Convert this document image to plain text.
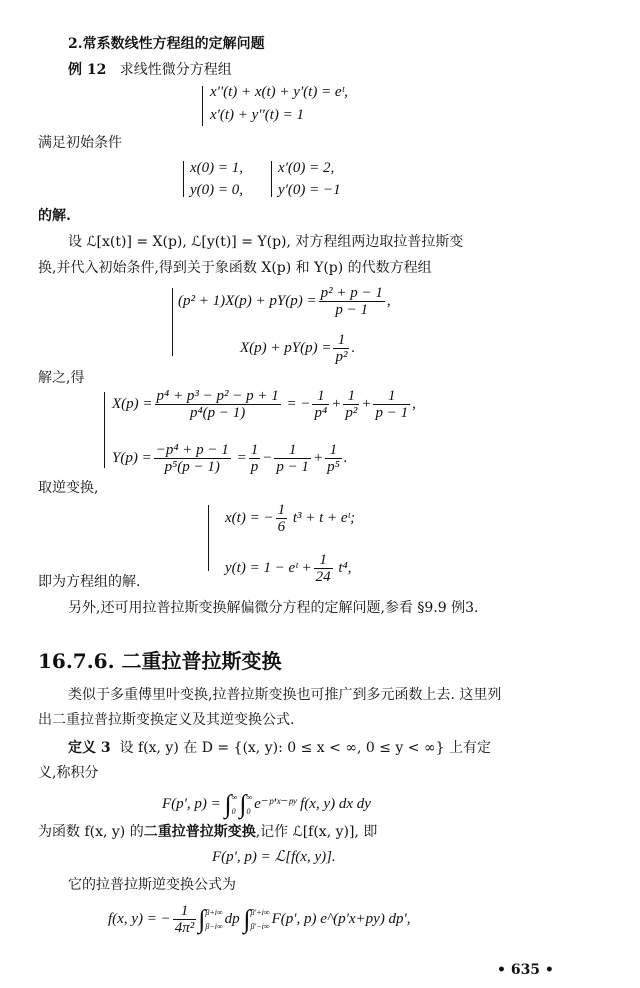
2.常系数线性方程组的定解问题
例 12 求线性微分方程组
x''(t) + x(t) + y'(t) = eᵗ,
x'(t) + y''(t) = 1
满足初始条件
x(0) = 1,
y(0) = 0,
x'(0) = 2,
y'(0) = −1
的解.
设 ℒ[x(t)] = X(p), ℒ[y(t)] = Y(p), 对方程组两边取拉普拉斯变
换,并代入初始条件,得到关于象函数 X(p) 和 Y(p) 的代数方程组
$(p^2 + 1)X(p) + pY(p) = \frac{\text{p² + p − 1}}{p - 1}$ ,
$X(p) + pY(p) = \frac{1}{\text{p²}}$ .
解之,得
$X(p) = \frac{\text{p⁴ + p³ − p² − p + 1}}{\text{p⁴(p − 1)}}$ = − $\frac{1}{\text{p⁴}} + \frac{1}{\text{p²}} + \frac{1}{p - 1}$ ,
$Y(p) = \frac{\text{−p⁴ + p − 1}}{\text{p⁵(p − 1)}} = \frac{1}{p} - \frac{1}{p - 1} + \frac{1}{\text{p⁵}}$ .
取逆变换,
x(t) = − $\frac{1}{6} t^3 + t$ + eᵗ;
y(t) = 1 − eᵗ + $\frac{1}{24} t^4$,
即为方程组的解.
另外,还可用拉普拉斯变换解偏微分方程的定解问题,参看 §9.9 例3.
16.7.6. 二重拉普拉斯变换
类似于多重傅里叶变换,拉普拉斯变换也可推广到多元函数上去. 这里列
出二重拉普拉斯变换定义及其逆变换公式.
定义 3 设 f(x, y) 在 D = {(x, y): 0 ≤ x < ∞, 0 ≤ y < ∞} 上有定
义,称积分
F(p', p) = ∫ ∞
0 ∫ ∞
0 e⁻ᵖ'ˣ⁻ᵖʸ f(x, y) dx dy
为函数 f(x, y) 的二重拉普拉斯变换,记作 ℒ[f(x, y)], 即
F(p', p) = ℒ[f(x, y)].
它的拉普拉斯逆变换公式为
f(x, y) = − $\frac{1}{\text{4π²}}$ ∫ β+i∞
β−i∞ dp ∫ β'+i∞
β'−i∞ F(p', p) e^(p'x+py) dp',
• 635 •
